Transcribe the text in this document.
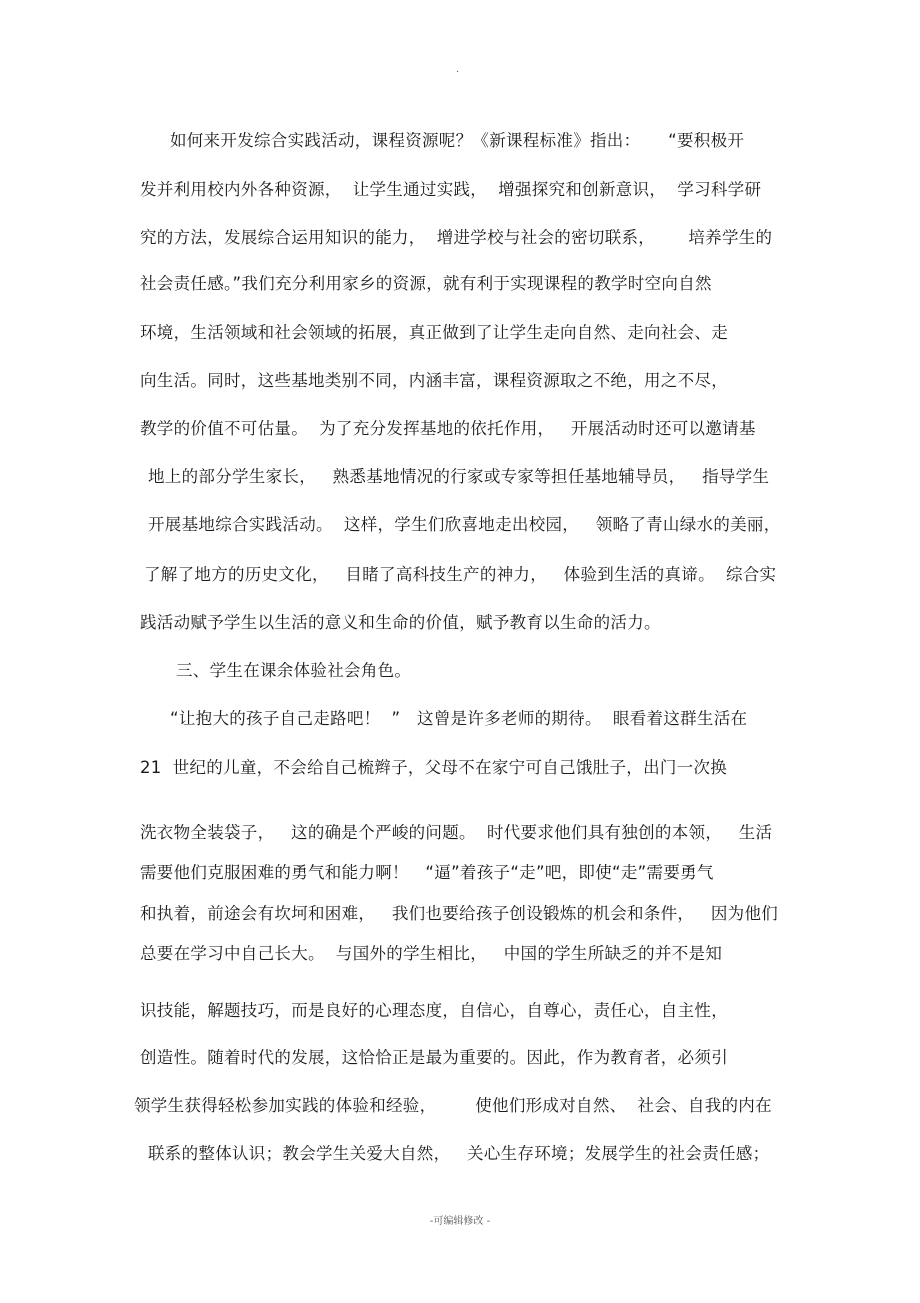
.
如何来开发综合实践活动，课程资源呢？《新课程标准》指出：     “要积极开
发并利用校内外各种资源，  让学生通过实践，  增强探究和创新意识，  学习科学研
究的方法，发展综合运用知识的能力，  增进学校与社会的密切联系，      培养学生的
社会责任感。”我们充分利用家乡的资源，就有利于实现课程的教学时空向自然
环境，生活领域和社会领域的拓展，真正做到了让学生走向自然、走向社会、走
向生活。同时，这些基地类别不同，内涵丰富，课程资源取之不绝，用之不尽，
教学的价值不可估量。  为了充分发挥基地的依托作用，   开展活动时还可以邀请基
地上的部分学生家长，   熟悉基地情况的行家或专家等担任基地辅导员，   指导学生
开展基地综合实践活动。  这样，学生们欣喜地走出校园，   领略了青山绿水的美丽，
了解了地方的历史文化，   目睹了高科技生产的神力，   体验到生活的真谛。  综合实
践活动赋予学生以生活的意义和生命的价值，赋予教育以生命的活力。
三、学生在课余体验社会角色。
“让抱大的孩子自己走路吧！  ”   这曾是许多老师的期待。  眼看着这群生活在
21  世纪的儿童，不会给自己梳辫子，父母不在家宁可自己饿肚子，出门一次换
洗衣物全装袋子，   这的确是个严峻的问题。  时代要求他们具有独创的本领，   生活
需要他们克服困难的勇气和能力啊！   “逼”着孩子“走”吧，即使“走”需要勇气
和执着，前途会有坎坷和困难，   我们也要给孩子创设锻炼的机会和条件，   因为他们
总要在学习中自己长大。  与国外的学生相比，   中国的学生所缺乏的并不是知
识技能，解题技巧，而是良好的心理态度，自信心，自尊心，责任心，自主性，
创造性。随着时代的发展，这恰恰正是最为重要的。因此，作为教育者，必须引
领学生获得轻松参加实践的体验和经验，       使他们形成对自然、  社会、自我的内在
联系的整体认识；教会学生关爱大自然，   关心生存环境；发展学生的社会责任感；
-可编辑修改 -
